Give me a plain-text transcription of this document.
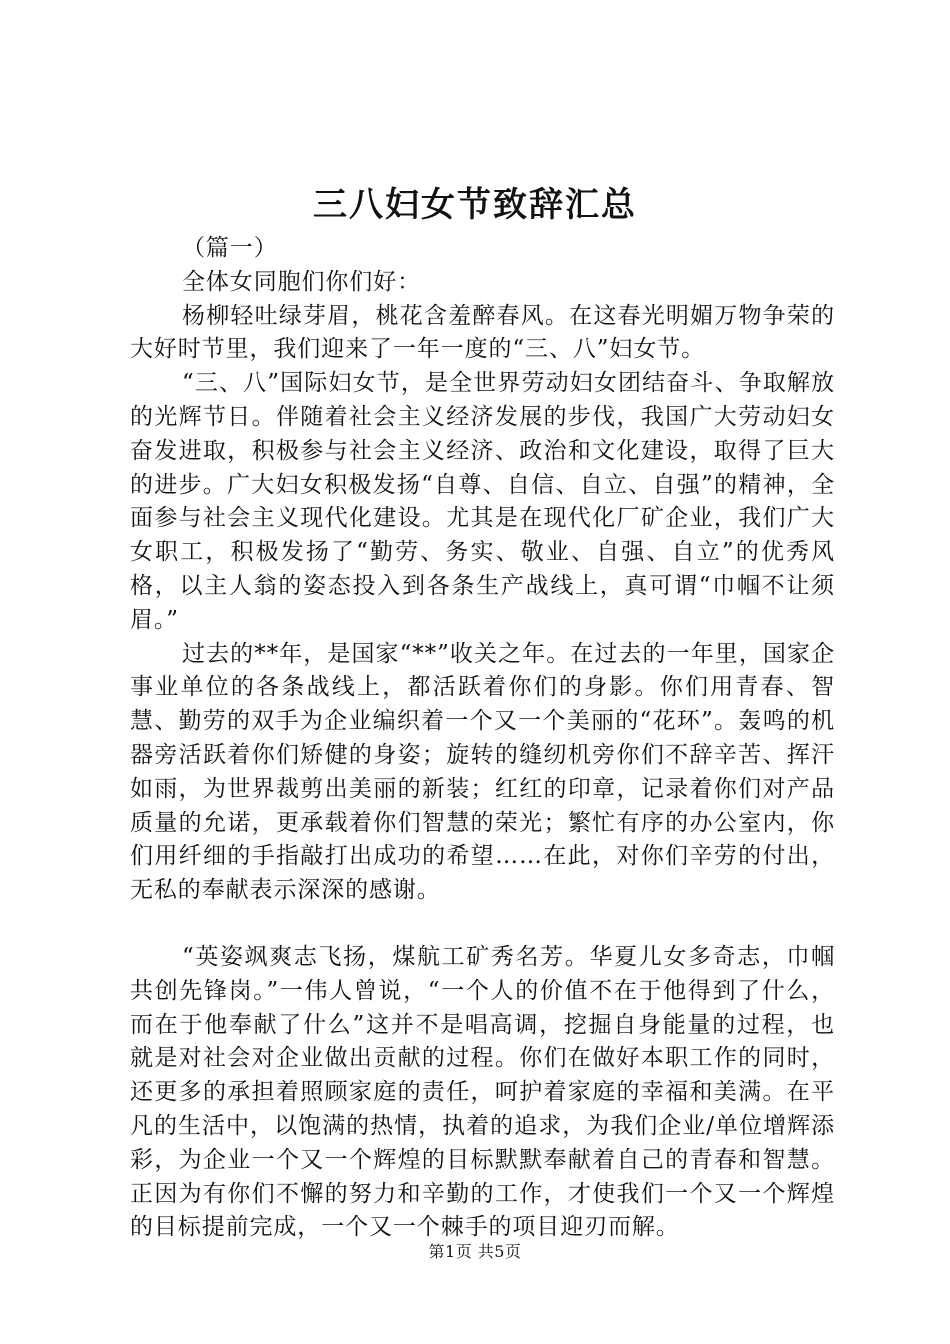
三八妇女节致辞汇总

（篇一）

全体女同胞们你们好：

杨柳轻吐绿芽眉，桃花含羞醉春风。在这春光明媚万物争荣的大好时节里，我们迎来了一年一度的“三、八”妇女节。

“三、八”国际妇女节，是全世界劳动妇女团结奋斗、争取解放的光辉节日。伴随着社会主义经济发展的步伐，我国广大劳动妇女奋发进取，积极参与社会主义经济、政治和文化建设，取得了巨大的进步。广大妇女积极发扬“自尊、自信、自立、自强”的精神，全面参与社会主义现代化建设。尤其是在现代化厂矿企业，我们广大女职工，积极发扬了“勤劳、务实、敬业、自强、自立”的优秀风格，以主人翁的姿态投入到各条生产战线上，真可谓“巾帼不让须眉。”

过去的**年，是国家“**”收关之年。在过去的一年里，国家企事业单位的各条战线上，都活跃着你们的身影。你们用青春、智慧、勤劳的双手为企业编织着一个又一个美丽的“花环”。轰鸣的机器旁活跃着你们矫健的身姿；旋转的缝纫机旁你们不辞辛苦、挥汗如雨，为世界裁剪出美丽的新装；红红的印章，记录着你们对产品质量的允诺，更承载着你们智慧的荣光；繁忙有序的办公室内，你们用纤细的手指敲打出成功的希望……在此，对你们辛劳的付出，无私的奉献表示深深的感谢。

“英姿飒爽志飞扬，煤航工矿秀名芳。华夏儿女多奇志，巾帼共创先锋岗。”一伟人曾说，“一个人的价值不在于他得到了什么，而在于他奉献了什么”这并不是唱高调，挖掘自身能量的过程，也就是对社会对企业做出贡献的过程。你们在做好本职工作的同时，还更多的承担着照顾家庭的责任，呵护着家庭的幸福和美满。在平凡的生活中，以饱满的热情，执着的追求，为我们企业/单位增辉添彩，为企业一个又一个辉煌的目标默默奉献着自己的青春和智慧。正因为有你们不懈的努力和辛勤的工作，才使我们一个又一个辉煌的目标提前完成，一个又一个棘手的项目迎刃而解。

第1页 共5页
